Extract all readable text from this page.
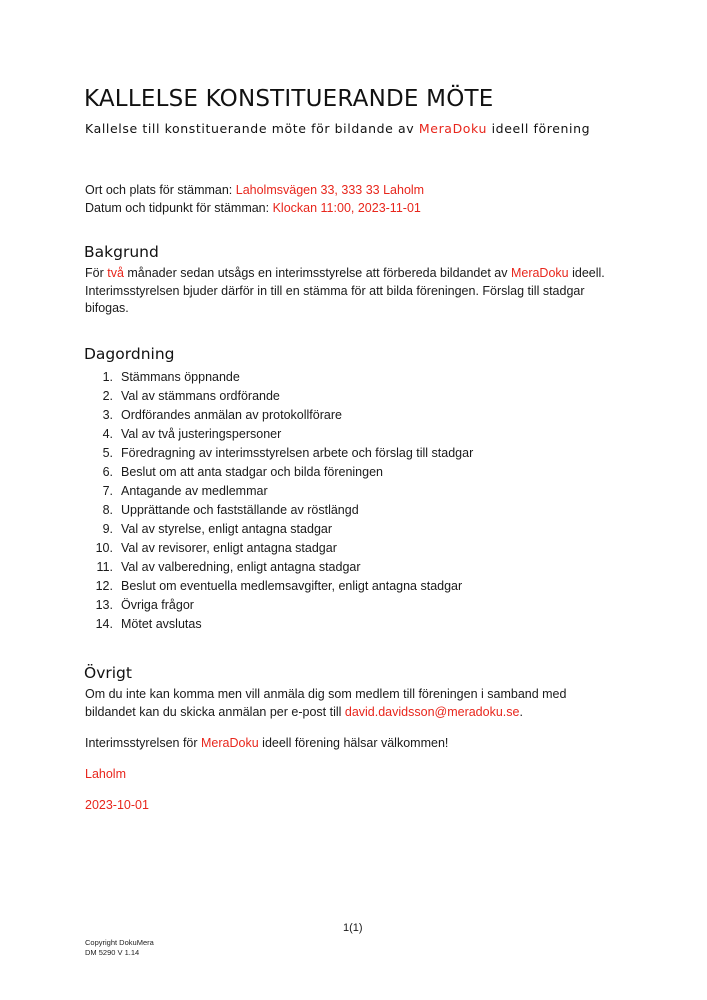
KALLELSE KONSTITUERANDE MÖTE

Kallelse till konstituerande möte för bildande av MeraDoku ideell förening

Ort och plats för stämman: Laholmsvägen 33, 333 33 Laholm
Datum och tidpunkt för stämman: Klockan 11:00, 2023-11-01
Bakgrund

För två månader sedan utsågs en interimsstyrelse att förbereda bildandet av MeraDoku ideell. Interimsstyrelsen bjuder därför in till en stämma för att bilda föreningen. Förslag till stadgar bifogas.

Dagordning
1. Stämmans öppnande
2. Val av stämmans ordförande
3. Ordförandes anmälan av protokollförare
4. Val av två justeringspersoner
5. Föredragning av interimsstyrelsen arbete och förslag till stadgar
6. Beslut om att anta stadgar och bilda föreningen
7. Antagande av medlemmar
8. Upprättande och fastställande av röstlängd
9. Val av styrelse, enligt antagna stadgar
10. Val av revisorer, enligt antagna stadgar
11. Val av valberedning, enligt antagna stadgar
12. Beslut om eventuella medlemsavgifter, enligt antagna stadgar
13. Övriga frågor
14. Mötet avslutas
Övrigt

Om du inte kan komma men vill anmäla dig som medlem till föreningen i samband med bildandet kan du skicka anmälan per e-post till david.davidsson@meradoku.se.

Interimsstyrelsen för MeraDoku ideell förening hälsar välkommen!

Laholm

2023-10-01

1(1)
Copyright DokuMera
DM 5290 V 1.14
